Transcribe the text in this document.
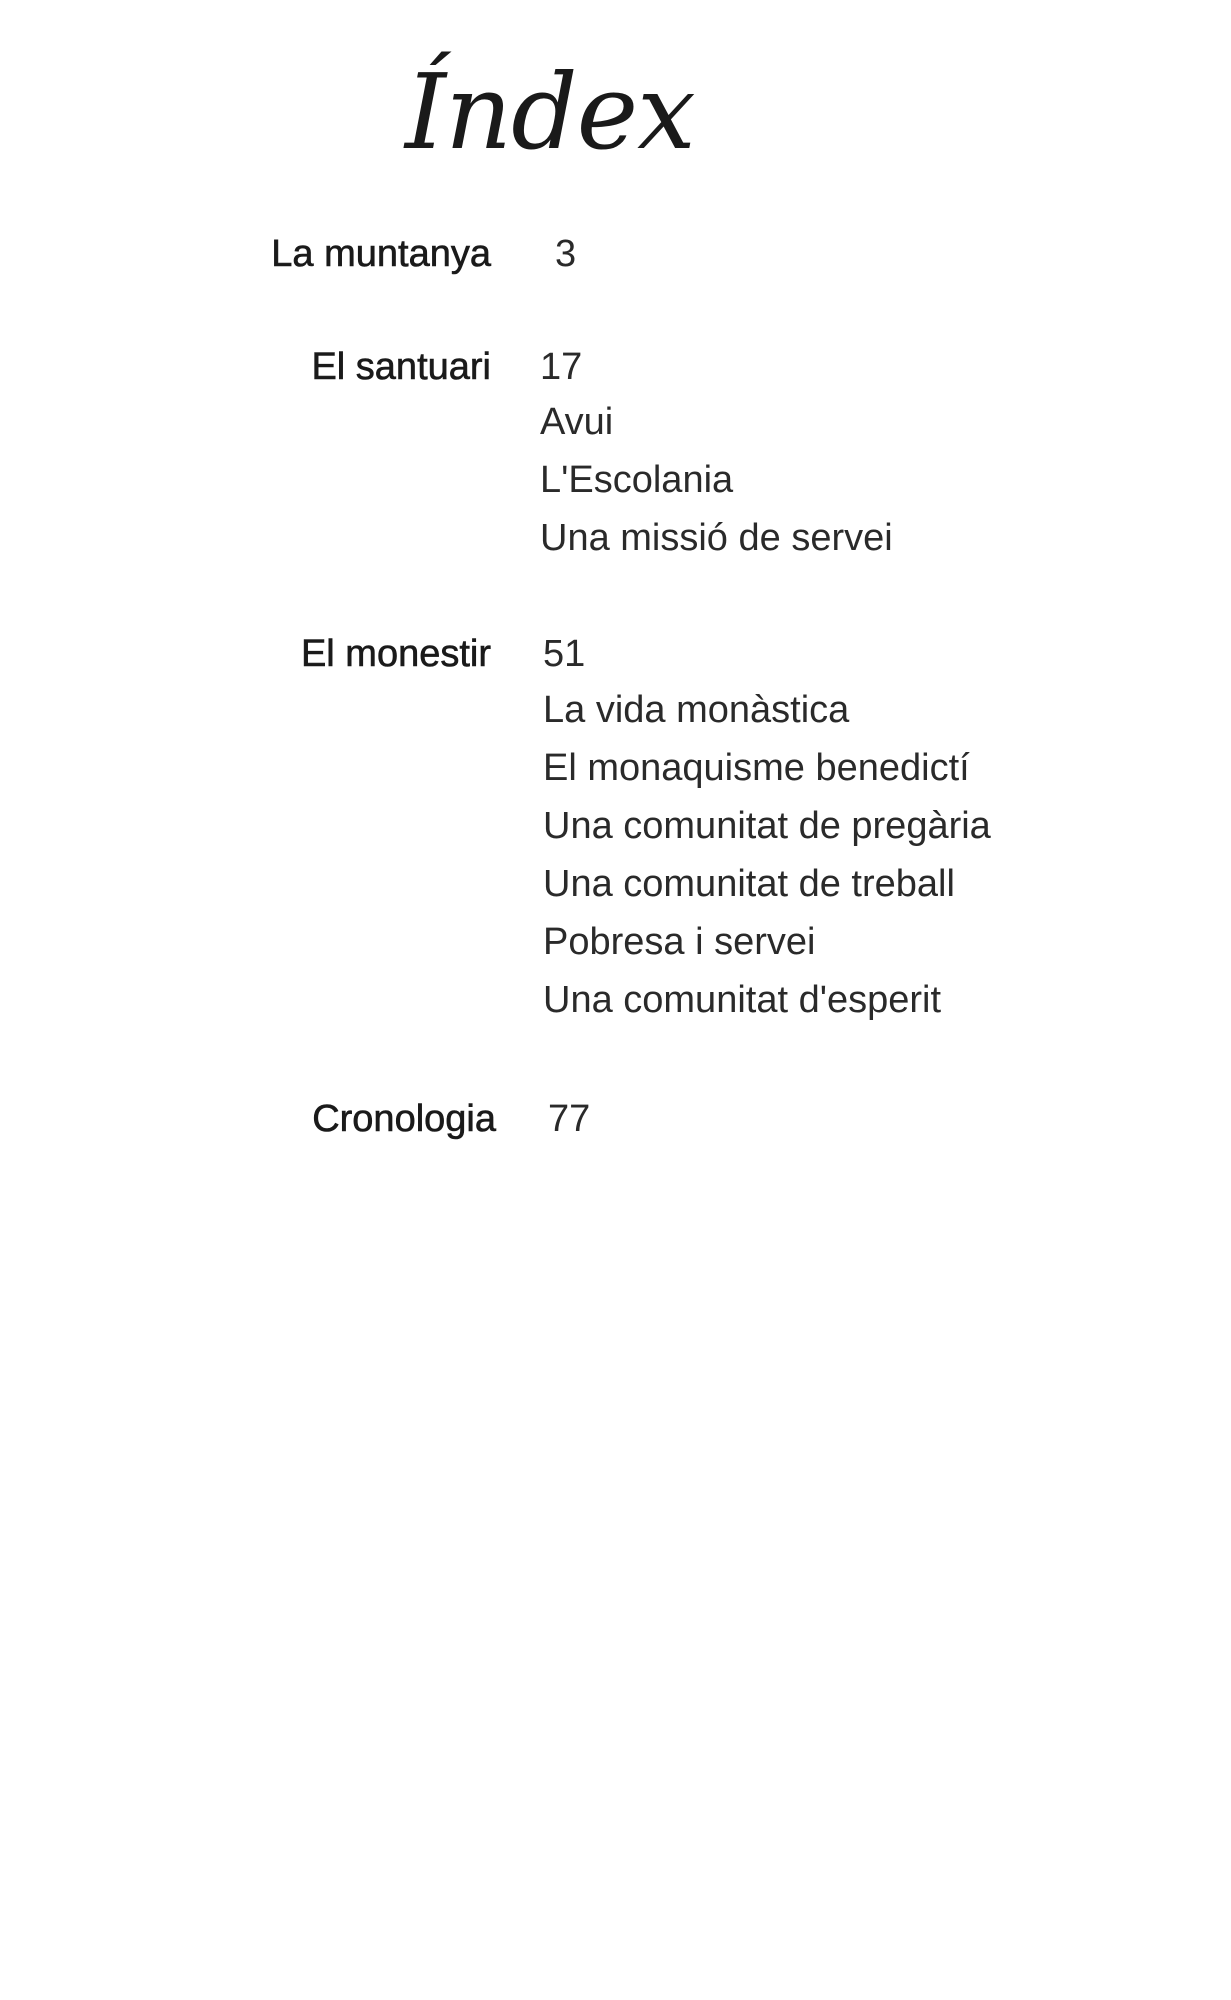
Índex
La muntanya 3
El santuari 17
Avui
L'Escolania
Una missió de servei
El monestir 51
La vida monàstica
El monaquisme benedictí
Una comunitat de pregària
Una comunitat de treball
Pobresa i servei
Una comunitat d'esperit
Cronologia 77
